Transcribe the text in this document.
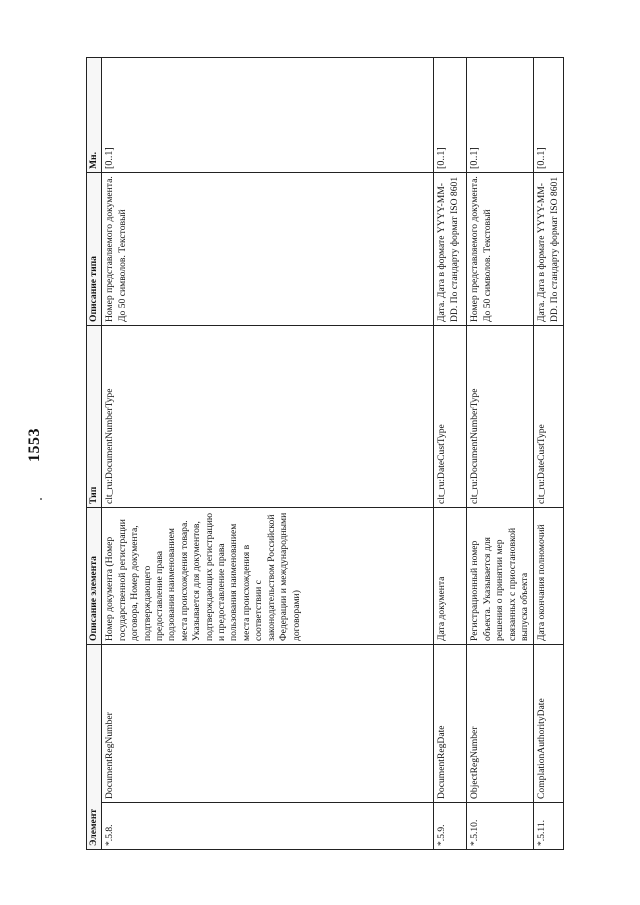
1553
Элемент		Описание элемента	Тип	Описание типа	Мн.
*.5.8.	DocumentRegNumber	Номер документа (Номер государственной регистрации договора, Номер документа, подтверждающего предоставление права подзования наименованием места происхождения товара. Указывается для документов, подтверждающих регистрацию и предоставление права пользования наименованием места происхождения в соответствии с законодательством Российской Федерации и международными договорами)	clt_ru:DocumentNumberType	Номер представляемого документа. До 50 символов. Текстовый	[0..1]
*.5.9.	DocumentRegDate	Дата документа	clt_ru:DateCustType	Дата. Дата в формате YYYY-MM-DD. По стандарту формат ISO 8601	[0..1]
*.5.10.	ObjectRegNumber	Регистрационный номер объекта. Указывается для решения о принятии мер связанных с приостановкой выпуска объекта	clt_ru:DocumentNumberType	Номер представляемого документа. До 50 символов. Текстовый	[0..1]
*.5.11.	ComplationAuthorityDate	Дата окончания полномочий	clt_ru:DateCustType	Дата. Дата в формате YYYY-MM-DD. По стандарту формат ISO 8601	[0..1]
